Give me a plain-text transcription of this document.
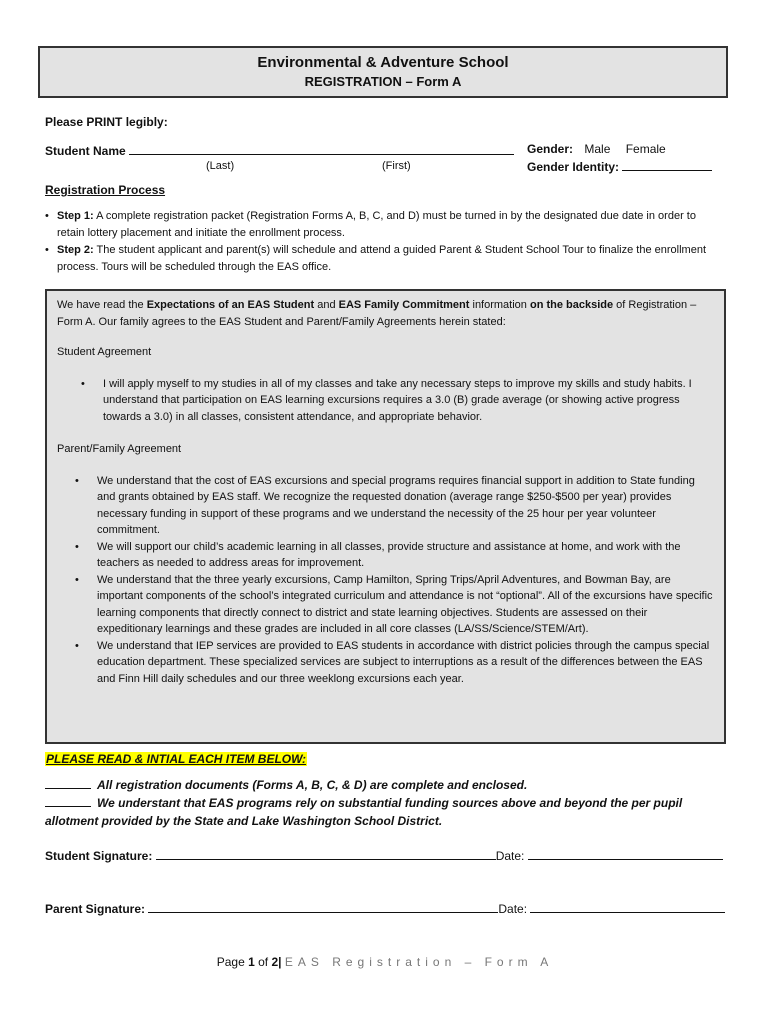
Environmental & Adventure School
REGISTRATION – Form A
Please PRINT legibly:
Student Name
(Last)	(First)
Gender: Male Female
Gender Identity:
Registration Process
• Step 1: A complete registration packet (Registration Forms A, B, C, and D) must be turned in by the designated due date in order to retain lottery placement and initiate the enrollment process.
• Step 2: The student applicant and parent(s) will schedule and attend a guided Parent & Student School Tour to finalize the enrollment process. Tours will be scheduled through the EAS office.

We have read the Expectations of an EAS Student and EAS Family Commitment information on the backside of Registration – Form A. Our family agrees to the EAS Student and Parent/Family Agreements herein stated:

Student Agreement

• I will apply myself to my studies in all of my classes and take any necessary steps to improve my skills and study habits. I understand that participation on EAS learning excursions requires a 3.0 (B) grade average (or showing active progress towards a 3.0) in all classes, consistent attendance, and appropriate behavior.

Parent/Family Agreement

• We understand that the cost of EAS excursions and special programs requires financial support in addition to State funding and grants obtained by EAS staff. We recognize the requested donation (average range $250-$500 per year) provides necessary funding in support of these programs and we understand the necessity of the 25 hour per year volunteer commitment.
• We will support our child’s academic learning in all classes, provide structure and assistance at home, and work with the teachers as needed to address areas for improvement.
• We understand that the three yearly excursions, Camp Hamilton, Spring Trips/April Adventures, and Bowman Bay, are important components of the school’s integrated curriculum and attendance is not “optional”. All of the excursions have specific learning components that directly connect to district and state learning objectives. Students are assessed on their expeditionary learnings and these grades are included in all core classes (LA/SS/Science/STEM/Art).
• We understand that IEP services are provided to EAS students in accordance with district policies through the campus special education department. These specialized services are subject to interruptions as a result of the differences between the EAS and Finn Hill daily schedules and our three weeklong excursions each year.
PLEASE READ & INTIAL EACH ITEM BELOW:
All registration documents (Forms A, B, C, & D) are complete and enclosed.
We understant that EAS programs rely on substantial funding sources above and beyond the per pupil allotment provided by the State and Lake Washington School District.
Student Signature:	Date:
Parent Signature:	Date:
Page 1 of 2| EAS Registration – Form A
